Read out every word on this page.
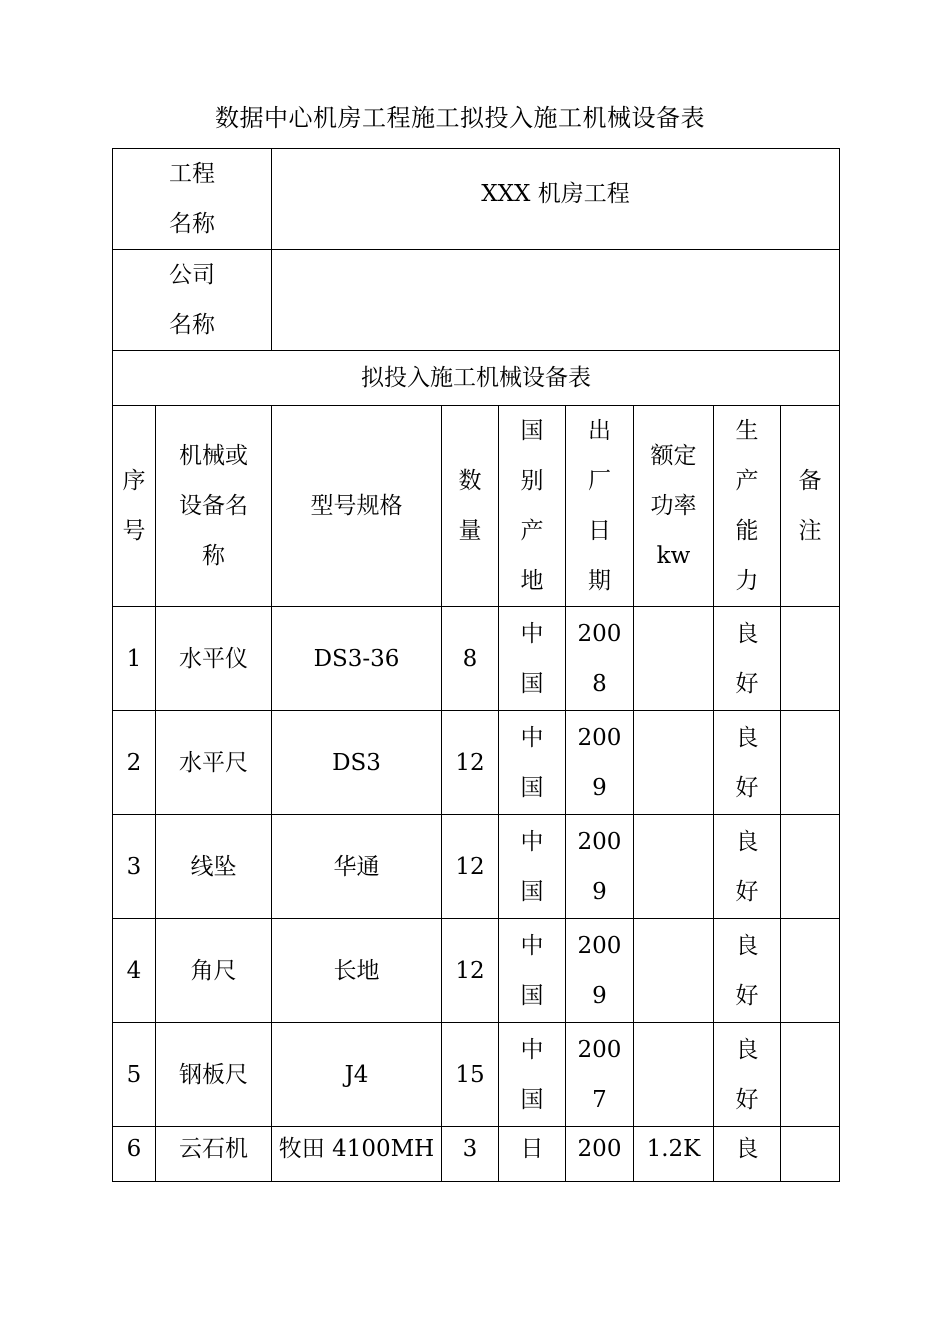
数据中心机房工程施工拟投入施工机械设备表
工程名称		XXX 机房工程						

公司名称								
拟投入施工机械设备表								
序号	机械或设备名称	型号规格	数量	国别产地	出厂日期	额定功率kw	生产能力	备注
1	水平仪	DS3-36	8	中国	2008		良好	
2	水平尺	DS3	12	中国	2009		良好	
3	线坠	华通	12	中国	2009		良好	
4	角尺	长地	12	中国	2009		良好	
5	钢板尺	J4	15	中国	2007		良好	

6	云石机	牧田 4100MH	3	日	200	1.2K	良	
